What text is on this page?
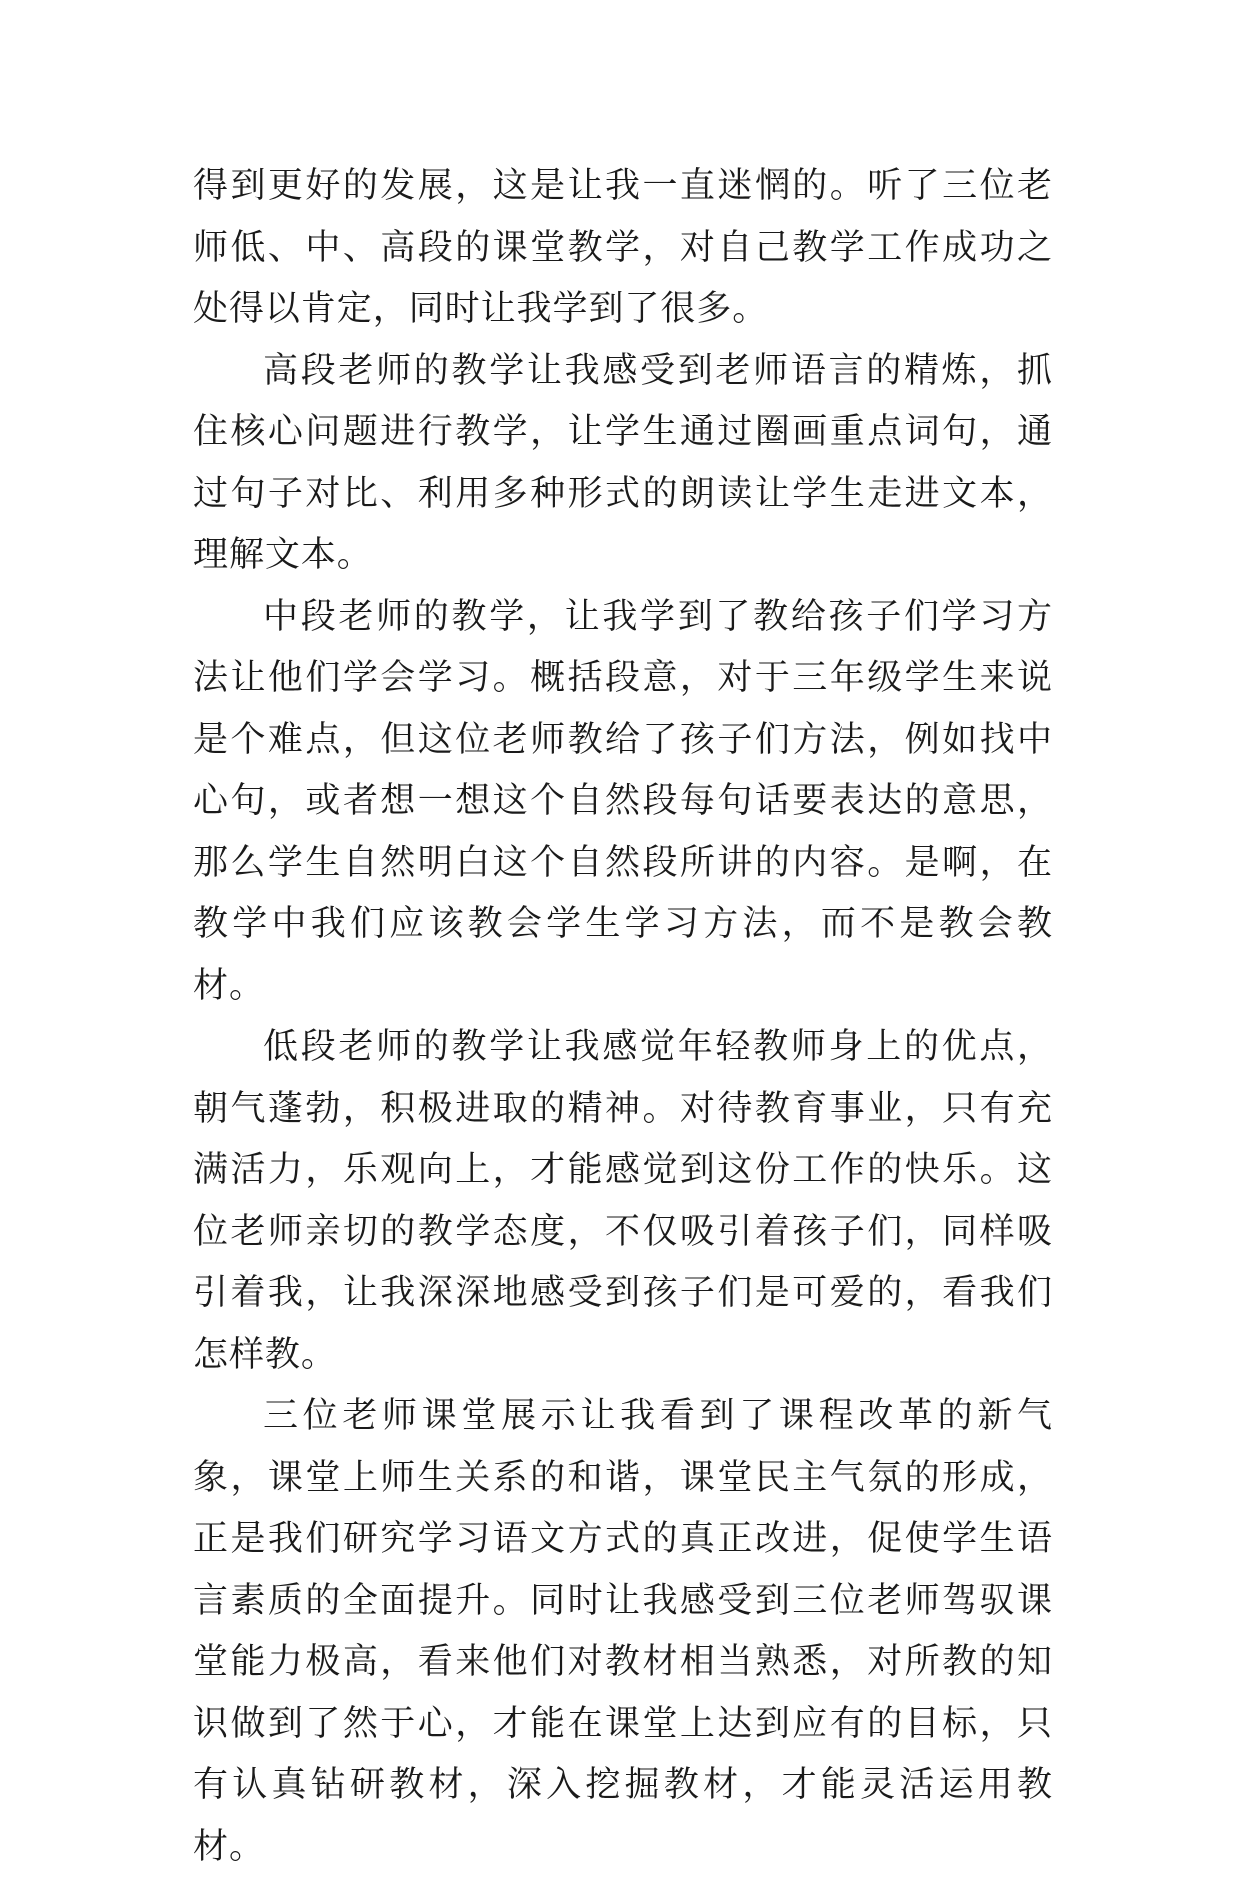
得到更好的发展，这是让我一直迷惘的。听了三位老师低、中、高段的课堂教学，对自己教学工作成功之处得以肯定，同时让我学到了很多。

高段老师的教学让我感受到老师语言的精炼，抓住核心问题进行教学，让学生通过圈画重点词句，通过句子对比、利用多种形式的朗读让学生走进文本，理解文本。

中段老师的教学，让我学到了教给孩子们学习方法让他们学会学习。概括段意，对于三年级学生来说是个难点，但这位老师教给了孩子们方法，例如找中心句，或者想一想这个自然段每句话要表达的意思，那么学生自然明白这个自然段所讲的内容。是啊，在教学中我们应该教会学生学习方法，而不是教会教材。

低段老师的教学让我感觉年轻教师身上的优点，朝气蓬勃，积极进取的精神。对待教育事业，只有充满活力，乐观向上，才能感觉到这份工作的快乐。这位老师亲切的教学态度，不仅吸引着孩子们，同样吸引着我，让我深深地感受到孩子们是可爱的，看我们怎样教。

三位老师课堂展示让我看到了课程改革的新气象，课堂上师生关系的和谐，课堂民主气氛的形成，正是我们研究学习语文方式的真正改进，促使学生语言素质的全面提升。同时让我感受到三位老师驾驭课堂能力极高，看来他们对教材相当熟悉，对所教的知识做到了然于心，才能在课堂上达到应有的目标，只有认真钻研教材，深入挖掘教材，才能灵活运用教材。
